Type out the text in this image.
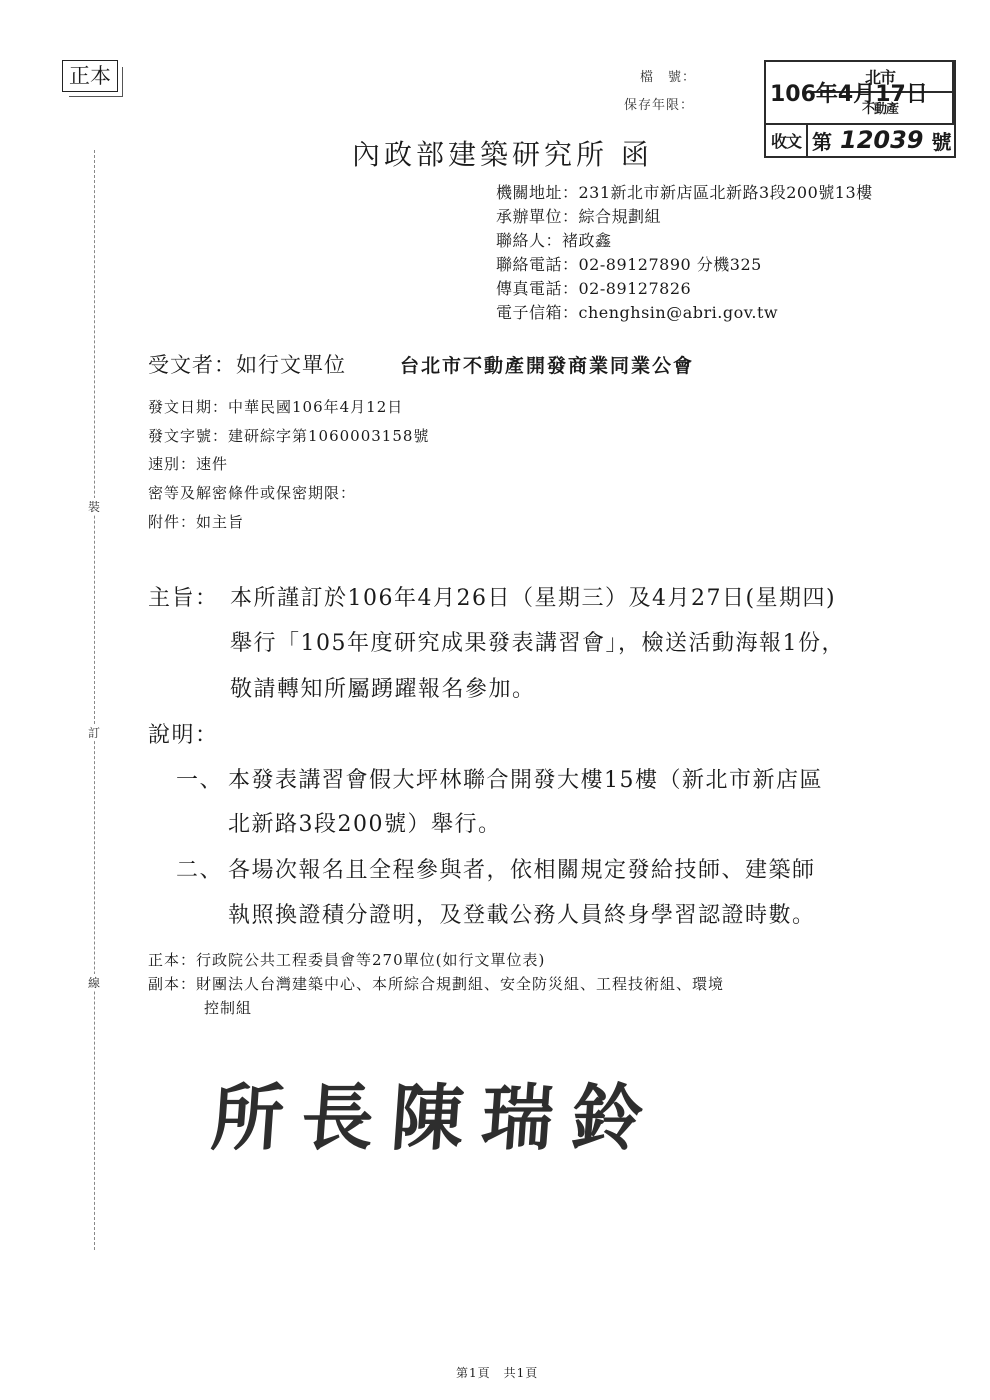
正本	檔　號：
保存年限：
北市
106年4月17日
不動產
收文 第 12039 號
裝
訂
線
內政部建築研究所 函
機關地址：231新北市新店區北新路3段200號13樓
承辦單位：綜合規劃組
聯絡人：褚政鑫
聯絡電話：02-89127890 分機325
傳真電話：02-89127826
電子信箱：chenghsin@abri.gov.tw
受文者：如行文單位	台北市不動產開發商業同業公會
發文日期：中華民國106年4月12日
發文字號：建研綜字第1060003158號
速別：速件
密等及解密條件或保密期限：
附件：如主旨
主旨： 本所謹訂於106年4月26日（星期三）及4月27日(星期四)
舉行「105年度研究成果發表講習會」，檢送活動海報1份，
敬請轉知所屬踴躍報名參加。
說明：
一、 本發表講習會假大坪林聯合開發大樓15樓（新北市新店區
北新路3段200號）舉行。
二、 各場次報名且全程參與者，依相關規定發給技師、建築師
執照換證積分證明，及登載公務人員終身學習認證時數。
正本：行政院公共工程委員會等270單位(如行文單位表)
副本：財團法人台灣建築中心、本所綜合規劃組、安全防災組、工程技術組、環境
控制組
所長陳瑞鈴
第1頁　共1頁
